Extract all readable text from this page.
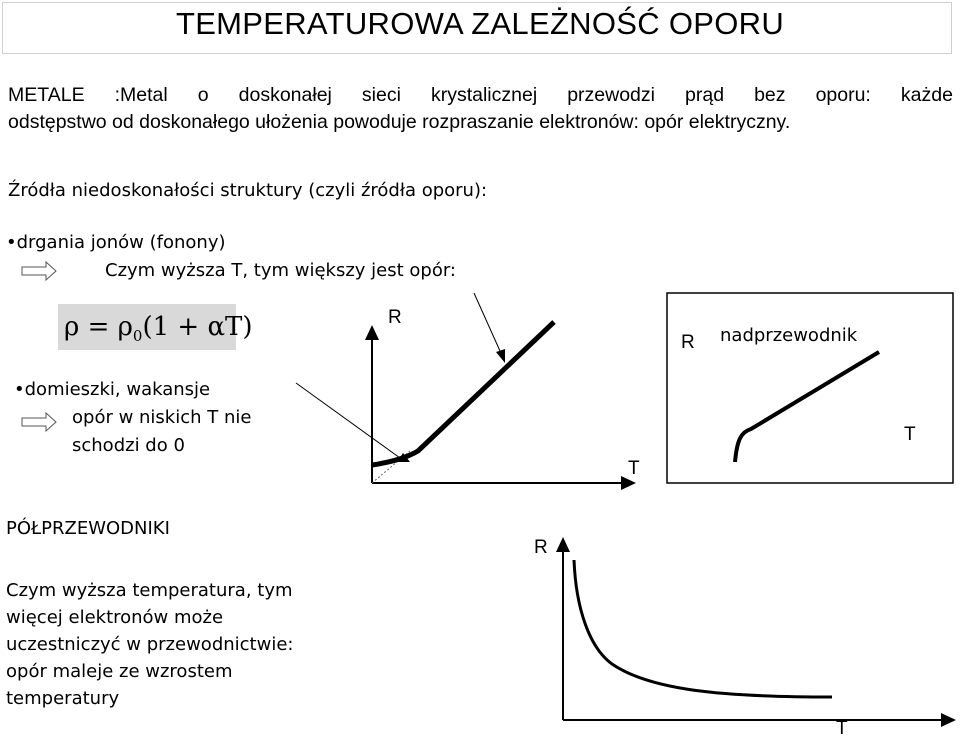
TEMPERATUROWA ZALEŻNOŚĆ OPORU
METALE :Metal o doskonałej sieci krystalicznej przewodzi prąd bez oporu: każde
odstępstwo od doskonałego ułożenia powoduje rozpraszanie elektronów: opór elektryczny.
Źródła niedoskonałości struktury (czyli źródła oporu):
•drgania jonów (fonony)
Czym wyższa T, tym większy jest opór:
$\rho = \rho_0(1 + \alpha T)$
•domieszki, wakansje
opór w niskich T nie
schodzi do 0
PÓŁPRZEWODNIKI
Czym wyższa temperatura, tym
więcej elektronów może
uczestniczyć w przewodnictwie:
opór maleje ze wzrostem
temperatury
R
T
R nadprzewodnik
T
R
T
